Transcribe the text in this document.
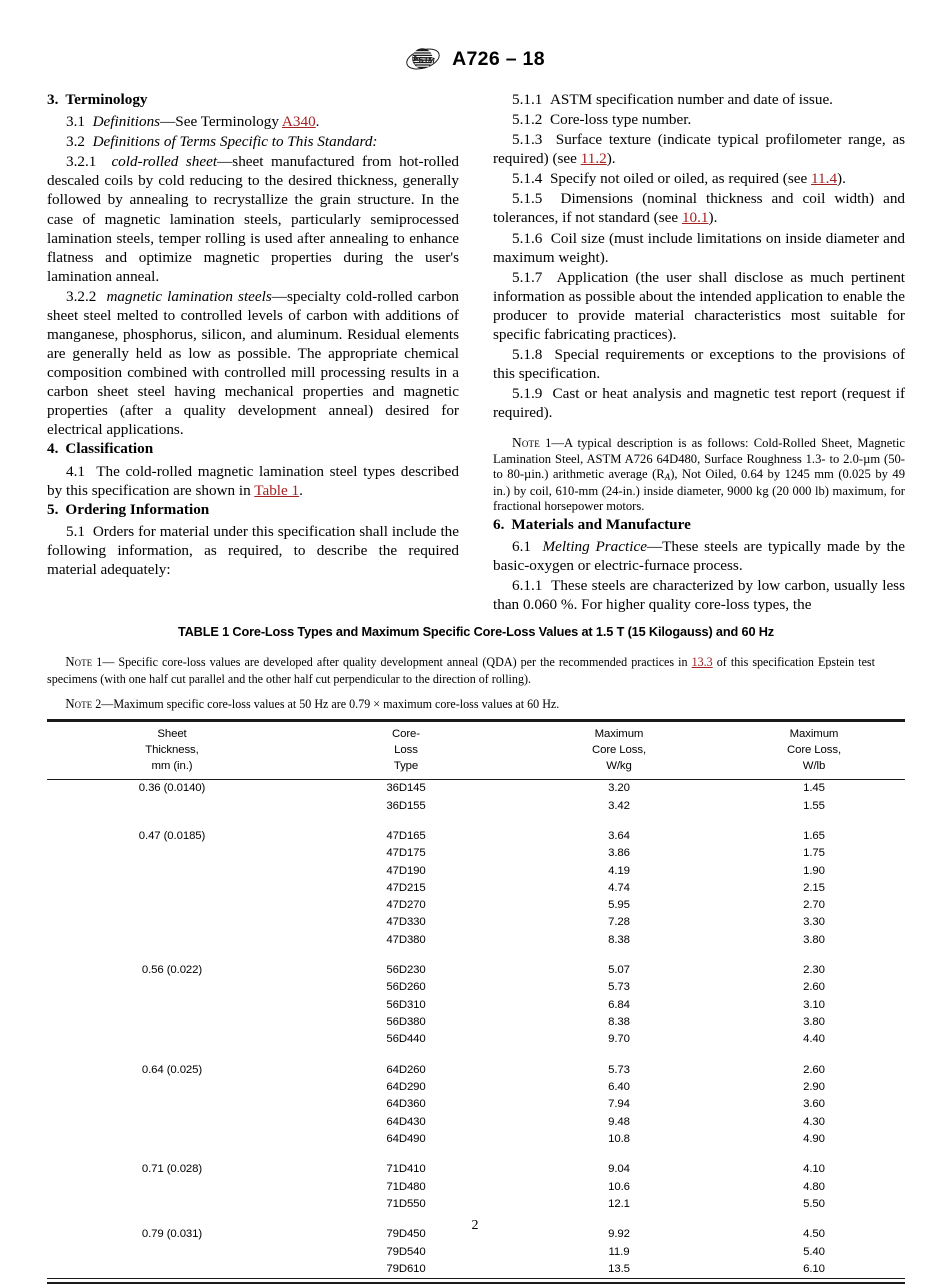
A
S T
M A726 – 18
3. Terminology

3.1 Definitions—See Terminology A340.

3.2 Definitions of Terms Specific to This Standard:

3.2.1 cold-rolled sheet—sheet manufactured from hot-rolled descaled coils by cold reducing to the desired thickness, generally followed by annealing to recrystallize the grain structure. In the case of magnetic lamination steels, particularly semiprocessed lamination steels, temper rolling is used after annealing to enhance flatness and optimize magnetic properties during the user's lamination anneal.

3.2.2 magnetic lamination steels—specialty cold-rolled carbon sheet steel melted to controlled levels of carbon with additions of manganese, phosphorus, silicon, and aluminum. Residual elements are generally held as low as possible. The appropriate chemical composition combined with controlled mill processing results in a carbon sheet steel having mechanical properties and magnetic properties (after a quality development anneal) desired for electrical applications.

4. Classification

4.1 The cold-rolled magnetic lamination steel types described by this specification are shown in Table 1.

5. Ordering Information

5.1 Orders for material under this specification shall include the following information, as required, to describe the required material adequately:

5.1.1 ASTM specification number and date of issue.

5.1.2 Core-loss type number.

5.1.3 Surface texture (indicate typical profilometer range, as required) (see 11.2).

5.1.4 Specify not oiled or oiled, as required (see 11.4).

5.1.5 Dimensions (nominal thickness and coil width) and tolerances, if not standard (see 10.1).

5.1.6 Coil size (must include limitations on inside diameter and maximum weight).

5.1.7 Application (the user shall disclose as much pertinent information as possible about the intended application to enable the producer to provide material characteristics most suitable for specific fabricating practices).

5.1.8 Special requirements or exceptions to the provisions of this specification.

5.1.9 Cast or heat analysis and magnetic test report (request if required).

Note 1—A typical description is as follows: Cold-Rolled Sheet, Magnetic Lamination Steel, ASTM A726 64D480, Surface Roughness 1.3- to 2.0-µm (50- to 80-µin.) arithmetic average $(R_A)$, Not Oiled, 0.64 by 1245 mm (0.025 by 49 in.) by coil, 610-mm (24-in.) inside diameter, 9000 kg (20 000 lb) maximum, for fractional horsepower motors.

6. Materials and Manufacture

6.1 Melting Practice—These steels are typically made by the basic-oxygen or electric-furnace process.

6.1.1 These steels are characterized by low carbon, usually less than 0.060 %. For higher quality core-loss types, the

TABLE 1 Core-Loss Types and Maximum Specific Core-Loss Values at 1.5 T (15 Kilogauss) and 60 Hz

Note 1— Specific core-loss values are developed after quality development anneal (QDA) per the recommended practices in 13.3 of this specification Epstein test specimens (with one half cut parallel and the other half cut perpendicular to the direction of rolling).

Note 2—Maximum specific core-loss values at 50 Hz are 0.79 × maximum core-loss values at 60 Hz.

Sheet
Thickness,
mm (in.)	Core-
Loss
Type	Maximum
Core Loss,
W/kg	Maximum
Core Loss,
W/lb

0.36 (0.0140)	36D145	3.20	1.45
	36D155	3.42	1.55

0.47 (0.0185)	47D165	3.64	1.65
	47D175	3.86	1.75
	47D190	4.19	1.90
	47D215	4.74	2.15
	47D270	5.95	2.70
	47D330	7.28	3.30
	47D380	8.38	3.80

0.56 (0.022)	56D230	5.07	2.30
	56D260	5.73	2.60
	56D310	6.84	3.10
	56D380	8.38	3.80
	56D440	9.70	4.40

0.64 (0.025)	64D260	5.73	2.60
	64D290	6.40	2.90
	64D360	7.94	3.60
	64D430	9.48	4.30
	64D490	10.8	4.90

0.71 (0.028)	71D410	9.04	4.10
	71D480	10.6	4.80
	71D550	12.1	5.50

0.79 (0.031)	79D450	9.92	4.50
	79D540	11.9	5.40
	79D610	13.5	6.10

2
